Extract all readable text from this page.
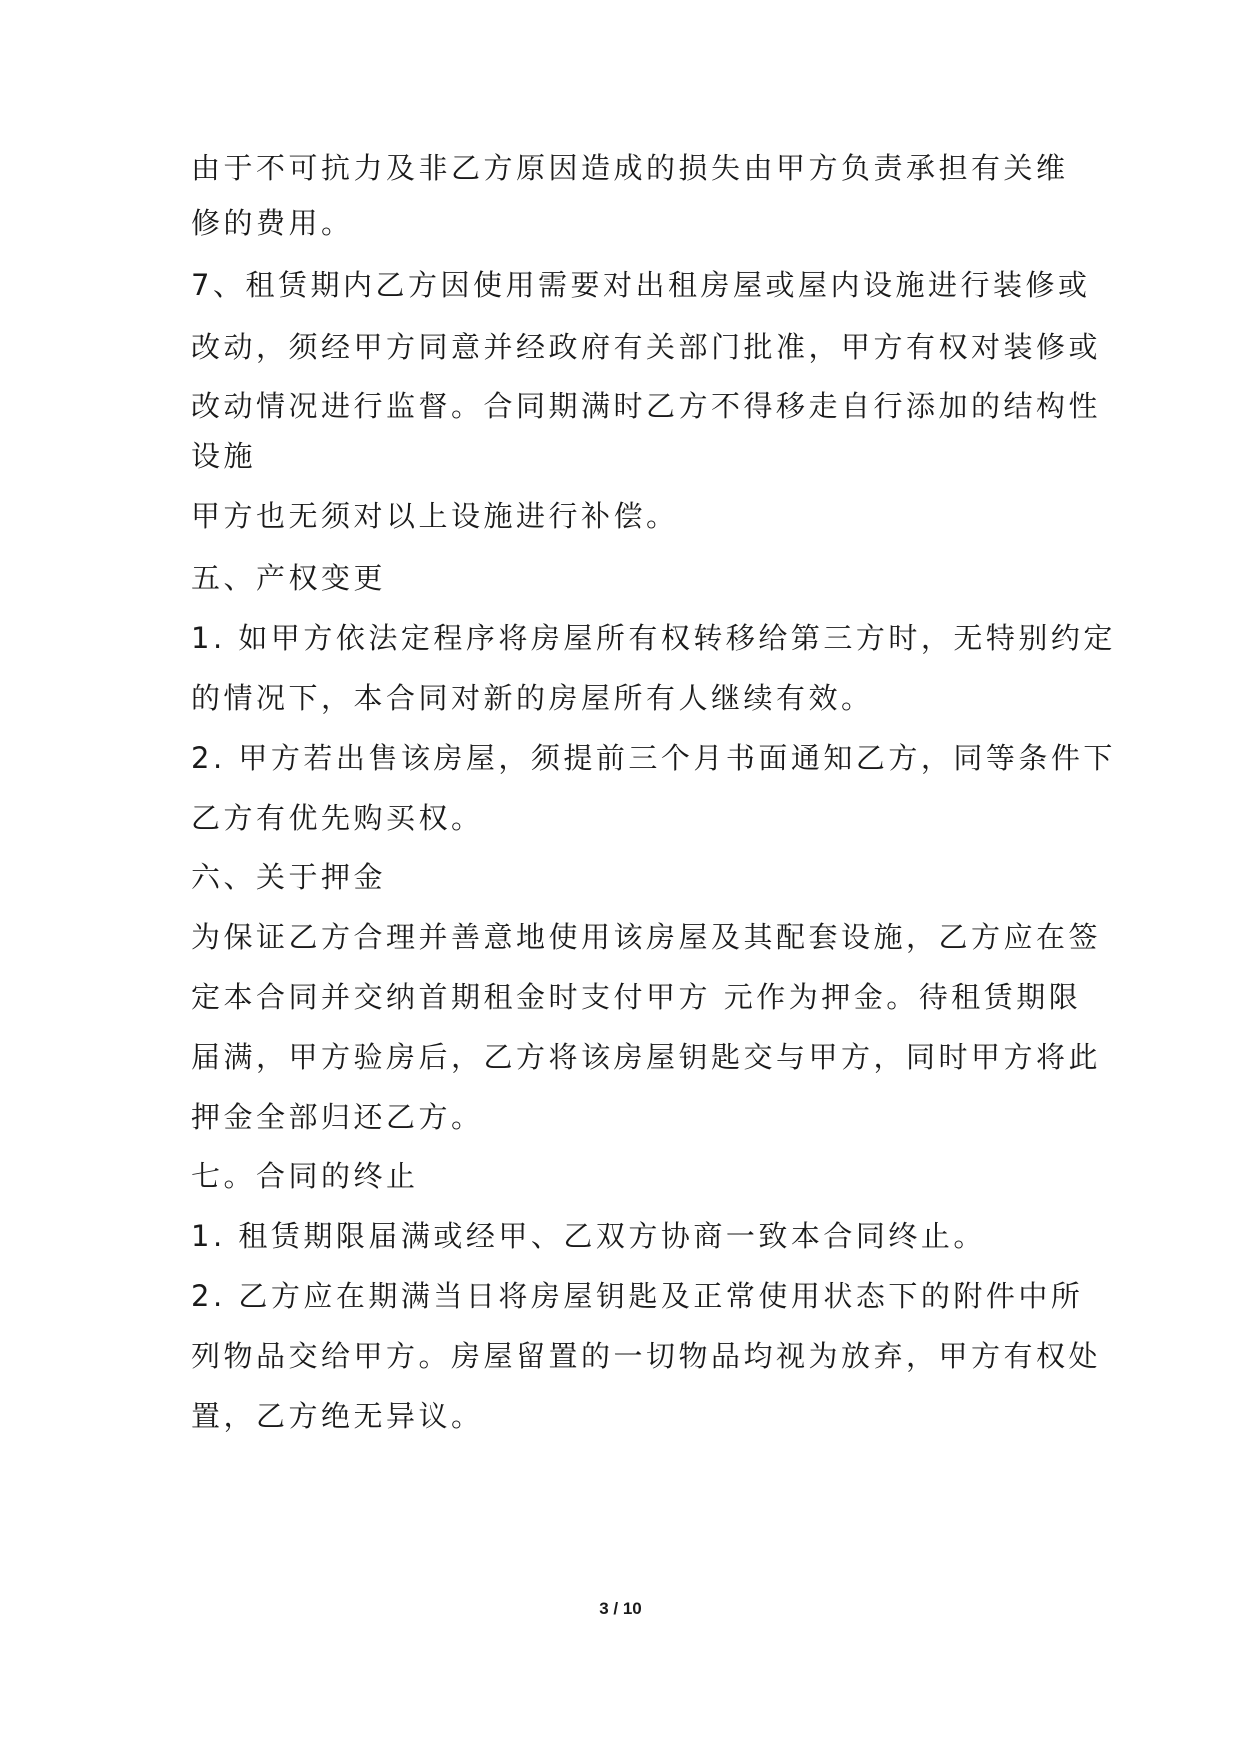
由于不可抗力及非乙方原因造成的损失由甲方负责承担有关维
修的费用。
7、租赁期内乙方因使用需要对出租房屋或屋内设施进行装修或
改动，须经甲方同意并经政府有关部门批准，甲方有权对装修或
改动情况进行监督。合同期满时乙方不得移走自行添加的结构性
设施
甲方也无须对以上设施进行补偿。
五、产权变更
1. 如甲方依法定程序将房屋所有权转移给第三方时，无特别约定
的情况下，本合同对新的房屋所有人继续有效。
2. 甲方若出售该房屋，须提前三个月书面通知乙方，同等条件下
乙方有优先购买权。
六、关于押金
为保证乙方合理并善意地使用该房屋及其配套设施，乙方应在签
定本合同并交纳首期租金时支付甲方 元作为押金。待租赁期限
届满，甲方验房后，乙方将该房屋钥匙交与甲方，同时甲方将此
押金全部归还乙方。
七。合同的终止
1. 租赁期限届满或经甲、乙双方协商一致本合同终止。
2. 乙方应在期满当日将房屋钥匙及正常使用状态下的附件中所
列物品交给甲方。房屋留置的一切物品均视为放弃，甲方有权处
置，乙方绝无异议。
3 / 10
